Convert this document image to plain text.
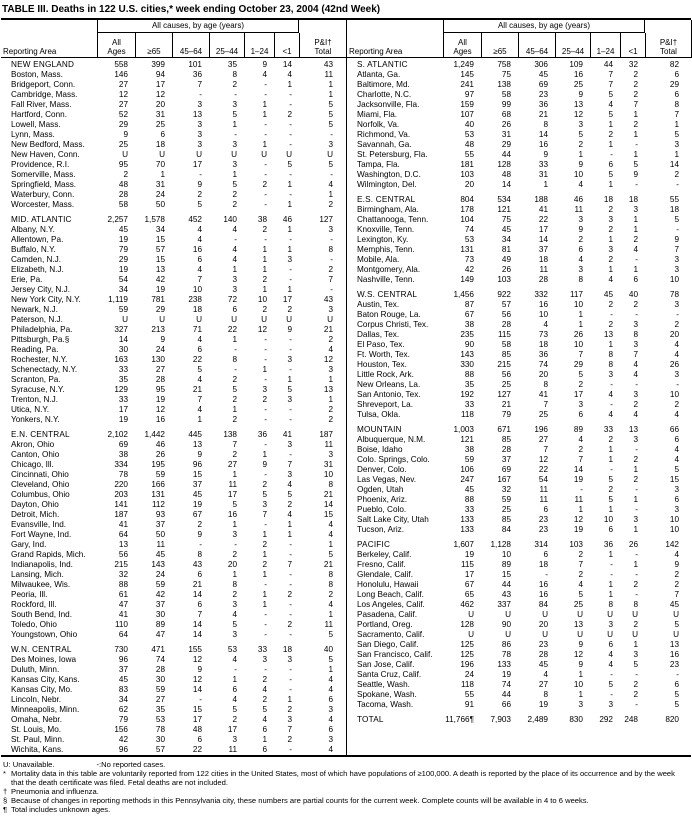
TABLE III. Deaths in 122 U.S. cities,* week ending October 23, 2004 (42nd Week)
All causes, by age (years)
Reporting Area
All
Ages	≥65 45–64 25–44 1–24 <1
P&I†
Total
NEW ENGLAND	558	399	101	35	9	14	43
Boston, Mass.	146	94	36	8	4	4	11
Bridgeport, Conn.	27	17	7	2	-	1	1
Cambridge, Mass.	12	12	-	-	-	-	1
Fall River, Mass.	27	20	3	3	1	-	5
Hartford, Conn.	52	31	13	5	1	2	5
Lowell, Mass.	29	25	3	1	-	-	5
Lynn, Mass.	9	6	3	-	-	-	-
New Bedford, Mass.	25	18	3	3	1	-	3
New Haven, Conn.	U	U	U	U	U	U	U
Providence, R.I.	95	70	17	3	-	5	5
Somerville, Mass.	2	1	-	1	-	-	-
Springfield, Mass.	48	31	9	5	2	1	4
Waterbury, Conn.	28	24	2	2	-	-	1
Worcester, Mass.	58	50	5	2	-	1	2
MID. ATLANTIC	2,257	1,578	452	140	38	46	127
Albany, N.Y.	45	34	4	4	2	1	3
Allentown, Pa.	19	15	4	-	-	-	-
Buffalo, N.Y.	79	57	16	4	1	1	8
Camden, N.J.	29	15	6	4	1	3	-
Elizabeth, N.J.	19	13	4	1	1	-	2
Erie, Pa.	54	42	7	3	2	-	7
Jersey City, N.J.	34	19	10	3	1	1	-
New York City, N.Y.	1,119	781	238	72	10	17	43
Newark, N.J.	59	29	18	6	2	2	3
Paterson, N.J.	U	U	U	U	U	U	U
Philadelphia, Pa.	327	213	71	22	12	9	21
Pittsburgh, Pa.§	14	9	4	1	-	-	2
Reading, Pa.	30	24	6	-	-	-	4
Rochester, N.Y.	163	130	22	8	-	3	12
Schenectady, N.Y.	33	27	5	-	1	-	3
Scranton, Pa.	35	28	4	2	-	1	1
Syracuse, N.Y.	129	95	21	5	3	5	13
Trenton, N.J.	33	19	7	2	2	3	1
Utica, N.Y.	17	12	4	1	-	-	2
Yonkers, N.Y.	19	16	1	2	-	-	2
E.N. CENTRAL	2,102	1,442	445	138	36	41	187
Akron, Ohio	69	46	13	7	-	3	11
Canton, Ohio	38	26	9	2	1	-	3
Chicago, Ill.	334	195	96	27	9	7	31
Cincinnati, Ohio	78	59	15	1	-	3	10
Cleveland, Ohio	220	166	37	11	2	4	8
Columbus, Ohio	203	131	45	17	5	5	21
Dayton, Ohio	141	112	19	5	3	2	14
Detroit, Mich.	187	93	67	16	7	4	15
Evansville, Ind.	41	37	2	1	-	1	4
Fort Wayne, Ind.	64	50	9	3	1	1	4
Gary, Ind.	13	11	-	-	2	-	1
Grand Rapids, Mich.	56	45	8	2	1	-	5
Indianapolis, Ind.	215	143	43	20	2	7	21
Lansing, Mich.	32	24	6	1	1	-	8
Milwaukee, Wis.	88	59	21	8	-	-	8
Peoria, Ill.	61	42	14	2	1	2	2
Rockford, Ill.	47	37	6	3	1	-	4
South Bend, Ind.	41	30	7	4	-	-	1
Toledo, Ohio	110	89	14	5	-	2	11
Youngstown, Ohio	64	47	14	3	-	-	5
W.N. CENTRAL	730	471	155	53	33	18	40
Des Moines, Iowa	96	74	12	4	3	3	5
Duluth, Minn.	37	28	9	-	-	-	1
Kansas City, Kans.	45	30	12	1	2	-	4
Kansas City, Mo.	83	59	14	6	4	-	4
Lincoln, Nebr.	34	27	-	4	2	1	6
Minneapolis, Minn.	62	35	15	5	5	2	3
Omaha, Nebr.	79	53	17	2	4	3	4
St. Louis, Mo.	156	78	48	17	6	7	6
St. Paul, Minn.	42	30	6	3	1	2	3
Wichita, Kans.	96	57	22	11	6	-	4
All causes, by age (years)
Reporting Area
All
Ages	≥65 45–64 25–44 1–24 <1
P&I†
Total
S. ATLANTIC	1,249	758	306	109	44	32	82
Atlanta, Ga.	145	75	45	16	7	2	6
Baltimore, Md.	241	138	69	25	7	2	29
Charlotte, N.C.	97	58	23	9	5	2	6
Jacksonville, Fla.	159	99	36	13	4	7	8
Miami, Fla.	107	68	21	12	5	1	7
Norfolk, Va.	40	26	8	3	1	2	1
Richmond, Va.	53	31	14	5	2	1	5
Savannah, Ga.	48	29	16	2	1	-	3
St. Petersburg, Fla.	55	44	9	1	-	1	1
Tampa, Fla.	181	128	33	9	6	5	14
Washington, D.C.	103	48	31	10	5	9	2
Wilmington, Del.	20	14	1	4	1	-	-
E.S. CENTRAL	804	534	188	46	18	18	55
Birmingham, Ala.	178	121	41	11	2	3	18
Chattanooga, Tenn.	104	75	22	3	3	1	5
Knoxville, Tenn.	74	45	17	9	2	1	-
Lexington, Ky.	53	34	14	2	1	2	9
Memphis, Tenn.	131	81	37	6	3	4	7
Mobile, Ala.	73	49	18	4	2	-	3
Montgomery, Ala.	42	26	11	3	1	1	3
Nashville, Tenn.	149	103	28	8	4	6	10
W.S. CENTRAL	1,456	922	332	117	45	40	78
Austin, Tex.	87	57	16	10	2	2	3
Baton Rouge, La.	67	56	10	1	-	-	-
Corpus Christi, Tex.	38	28	4	1	2	3	2
Dallas, Tex.	235	115	73	26	13	8	20
El Paso, Tex.	90	58	18	10	1	3	4
Ft. Worth, Tex.	143	85	36	7	8	7	4
Houston, Tex.	330	215	74	29	8	4	26
Little Rock, Ark.	88	56	20	5	3	4	3
New Orleans, La.	35	25	8	2	-	-	-
San Antonio, Tex.	192	127	41	17	4	3	10
Shreveport, La.	33	21	7	3	-	2	2
Tulsa, Okla.	118	79	25	6	4	4	4
MOUNTAIN	1,003	671	196	89	33	13	66
Albuquerque, N.M.	121	85	27	4	2	3	6
Boise, Idaho	38	28	7	2	1	-	4
Colo. Springs, Colo.	59	37	12	7	1	2	4
Denver, Colo.	106	69	22	14	-	1	5
Las Vegas, Nev.	247	167	54	19	5	2	15
Ogden, Utah	45	32	11	-	2	-	3
Phoenix, Ariz.	88	59	11	11	5	1	6
Pueblo, Colo.	33	25	6	1	1	-	3
Salt Lake City, Utah	133	85	23	12	10	3	10
Tucson, Ariz.	133	84	23	19	6	1	10
PACIFIC	1,607	1,128	314	103	36	26	142
Berkeley, Calif.	19	10	6	2	1	-	4
Fresno, Calif.	115	89	18	7	-	1	9
Glendale, Calif.	17	15	-	2	-	-	2
Honolulu, Hawaii	67	44	16	4	1	2	2
Long Beach, Calif.	65	43	16	5	1	-	7
Los Angeles, Calif.	462	337	84	25	8	8	45
Pasadena, Calif.	U	U	U	U	U	U	U
Portland, Oreg.	128	90	20	13	3	2	5
Sacramento, Calif.	U	U	U	U	U	U	U
San Diego, Calif.	125	86	23	9	6	1	13
San Francisco, Calif.	125	78	28	12	4	3	16
San Jose, Calif.	196	133	45	9	4	5	23
Santa Cruz, Calif.	24	19	4	1	-	-	-
Seattle, Wash.	118	74	27	10	5	2	6
Spokane, Wash.	55	44	8	1	-	2	5
Tacoma, Wash.	91	66	19	3	3	-	5
TOTAL	11,766¶	7,903	2,489	830	292	248	820
U: Unavailable.	-:No reported cases.
* Mortality data in this table are voluntarily reported from 122 cities in the United States, most of which have populations of ≥100,000. A death is reported by the place of its occurrence and by the week that the death certificate was filed. Fetal deaths are not included.
† Pneumonia and influenza.
§ Because of changes in reporting methods in this Pennsylvania city, these numbers are partial counts for the current week. Complete counts will be available in 4 to 6 weeks.
¶ Total includes unknown ages.
